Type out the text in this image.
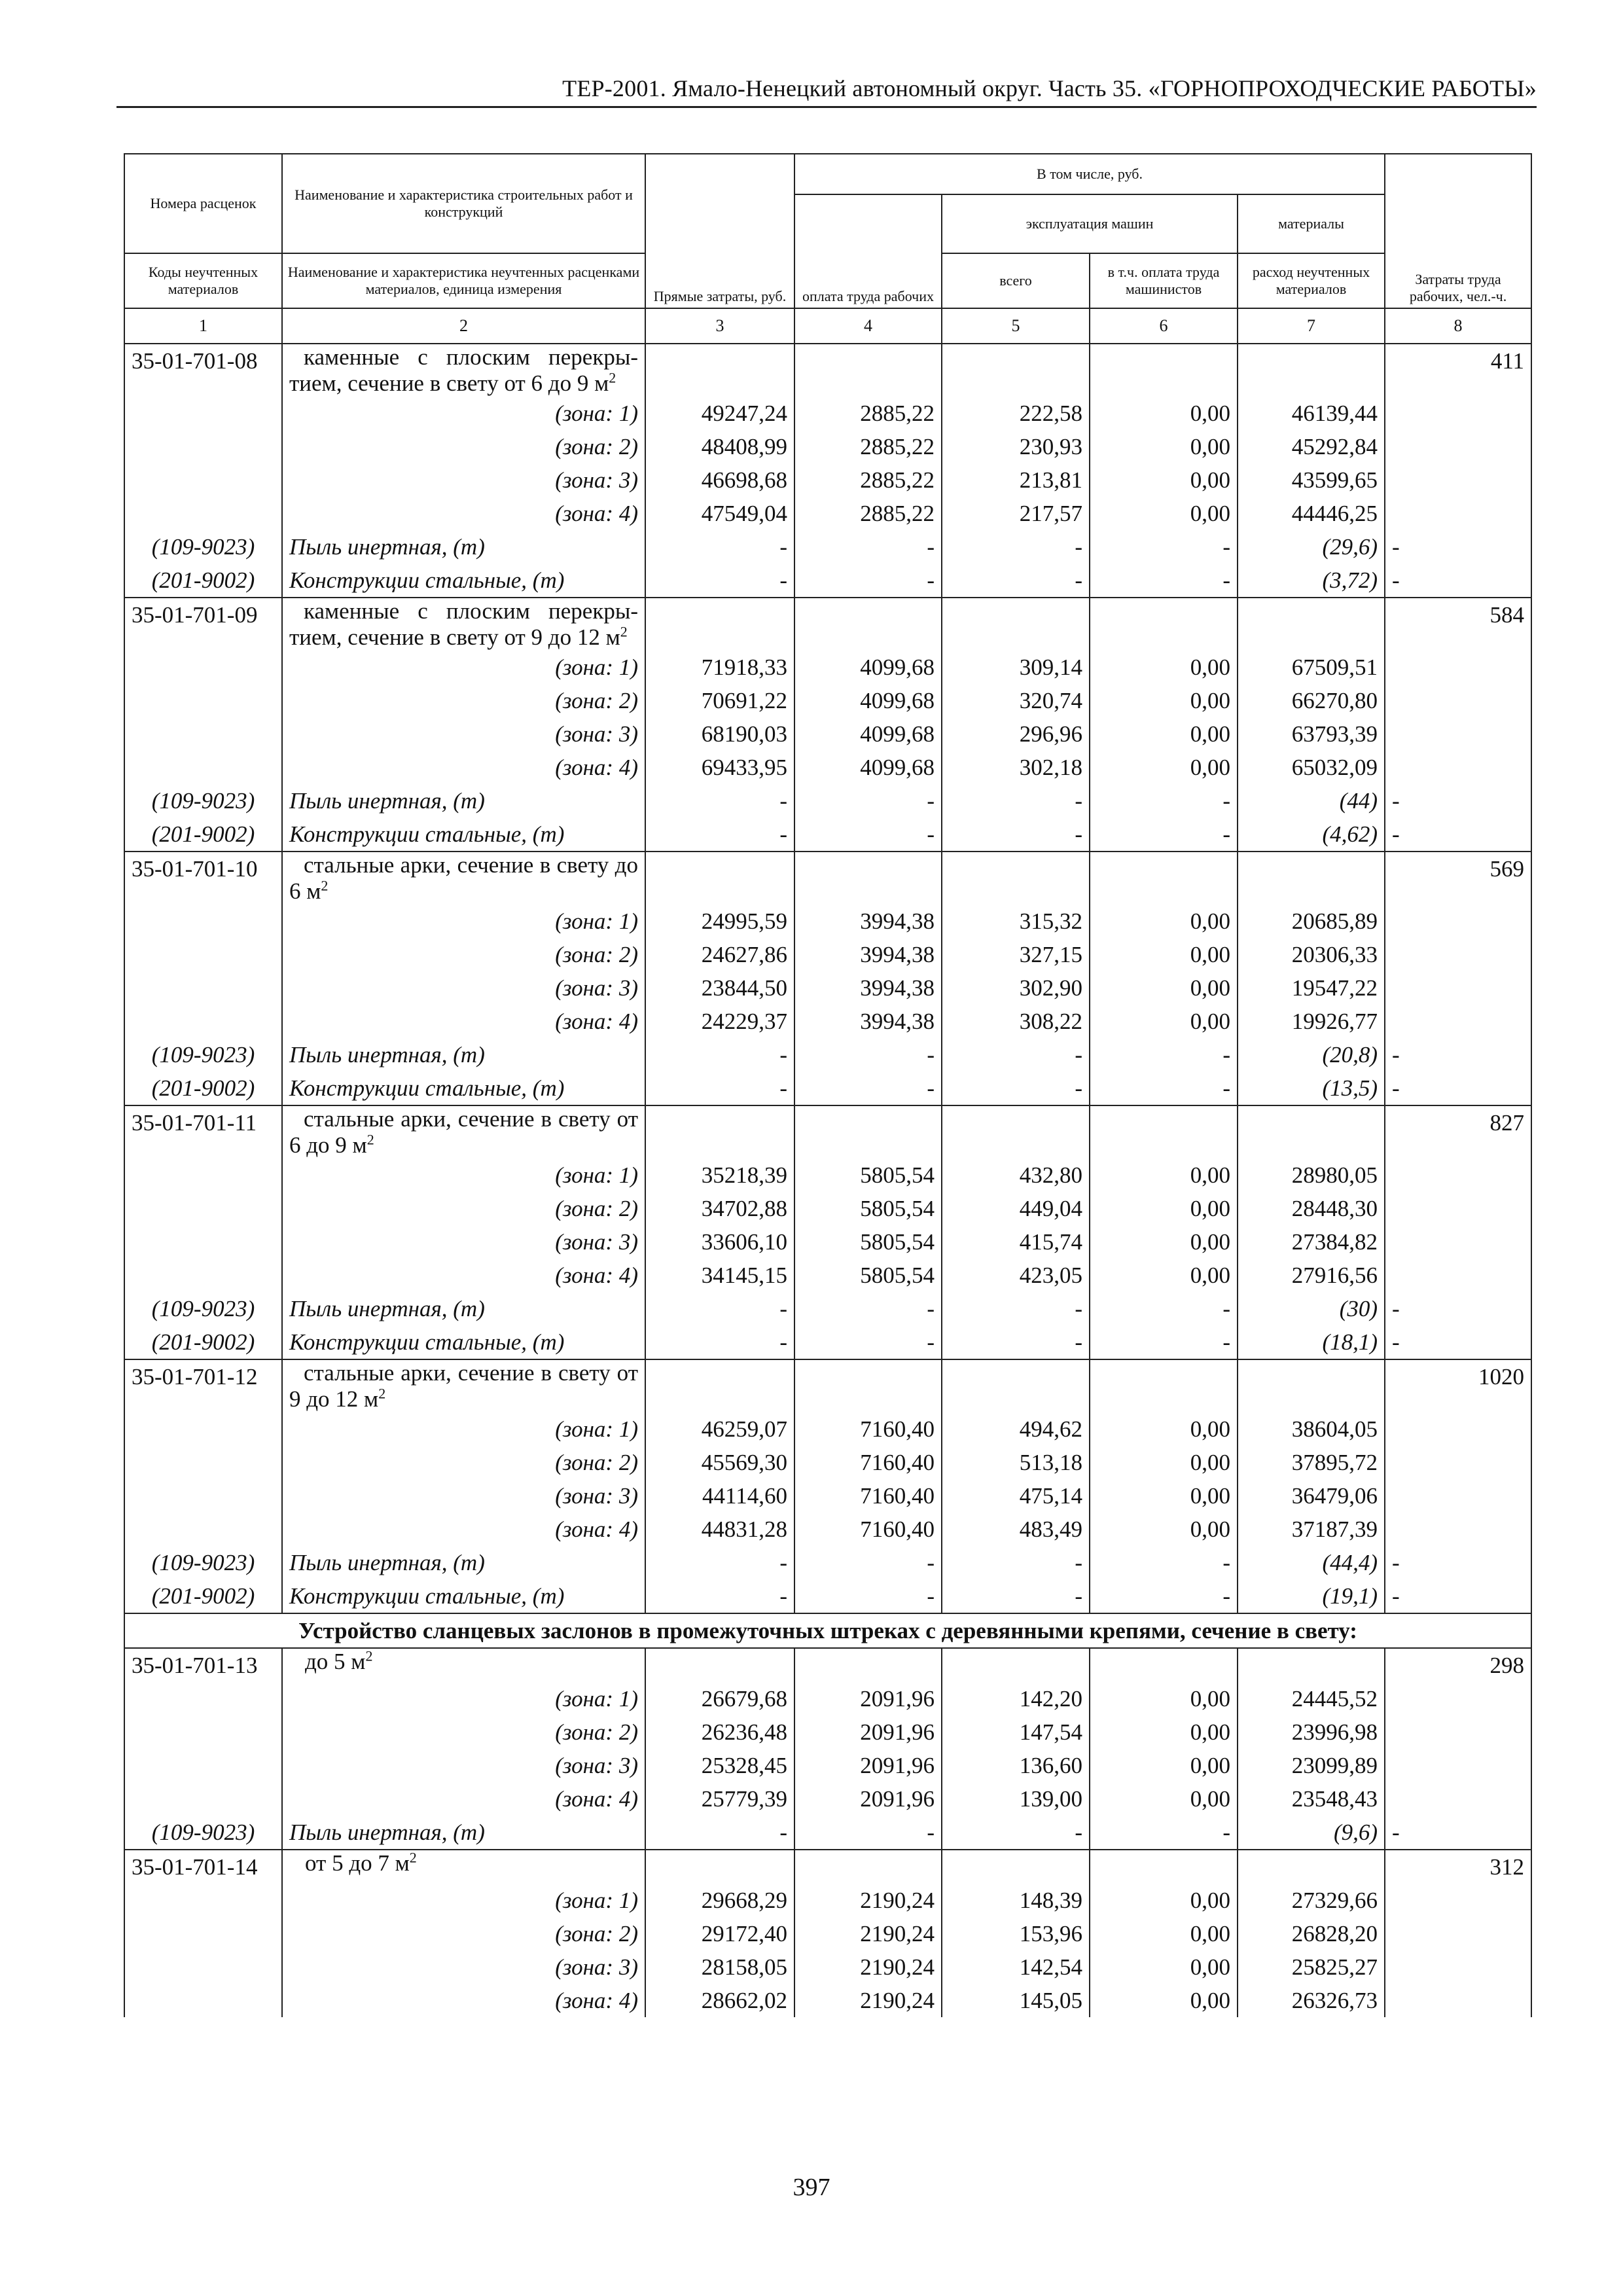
ТЕР-2001. Ямало-Ненецкий автономный округ. Часть 35. «ГОРНОПРОХОДЧЕСКИЕ РАБОТЫ»
Номера расценок	Наименование и характеристика строительных работ и конструкций	Прямые затраты, руб.	В том числе, руб.				Затраты труда рабочих, чел.-ч.
			оплата труда рабочих	эксплуатация машин		материалы	
Коды неучтенных материалов	Наименование и характеристика неучтенных расценками материалов, единица измерения			всего	в т.ч. оплата труда машинистов	расход неучтенных материалов	
1	2	3	4	5	6	7	8
35-01-701-08	каменные с плоским перекры-тием, сечение в свету от 6 до 9 $м^2$						411
	(зона: 1)	49247,24	2885,22	222,58	0,00	46139,44	
	(зона: 2)	48408,99	2885,22	230,93	0,00	45292,84	
	(зона: 3)	46698,68	2885,22	213,81	0,00	43599,65	
	(зона: 4)	47549,04	2885,22	217,57	0,00	44446,25	
(109-9023)	Пыль инертная, (т)	-	-	-	-	(29,6)	-
(201-9002)	Конструкции стальные, (т)	-	-	-	-	(3,72)	-
35-01-701-09	каменные с плоским перекры-тием, сечение в свету от 9 до 12 $м^2$						584
	(зона: 1)	71918,33	4099,68	309,14	0,00	67509,51	
	(зона: 2)	70691,22	4099,68	320,74	0,00	66270,80	
	(зона: 3)	68190,03	4099,68	296,96	0,00	63793,39	
	(зона: 4)	69433,95	4099,68	302,18	0,00	65032,09	
(109-9023)	Пыль инертная, (т)	-	-	-	-	(44)	-
(201-9002)	Конструкции стальные, (т)	-	-	-	-	(4,62)	-
35-01-701-10	стальные арки, сечение в свету до 6 $м^2$						569
	(зона: 1)	24995,59	3994,38	315,32	0,00	20685,89	
	(зона: 2)	24627,86	3994,38	327,15	0,00	20306,33	
	(зона: 3)	23844,50	3994,38	302,90	0,00	19547,22	
	(зона: 4)	24229,37	3994,38	308,22	0,00	19926,77	
(109-9023)	Пыль инертная, (т)	-	-	-	-	(20,8)	-
(201-9002)	Конструкции стальные, (т)	-	-	-	-	(13,5)	-
35-01-701-11	стальные арки, сечение в свету от 6 до 9 $м^2$						827
	(зона: 1)	35218,39	5805,54	432,80	0,00	28980,05	
	(зона: 2)	34702,88	5805,54	449,04	0,00	28448,30	
	(зона: 3)	33606,10	5805,54	415,74	0,00	27384,82	
	(зона: 4)	34145,15	5805,54	423,05	0,00	27916,56	
(109-9023)	Пыль инертная, (т)	-	-	-	-	(30)	-
(201-9002)	Конструкции стальные, (т)	-	-	-	-	(18,1)	-
35-01-701-12	стальные арки, сечение в свету от 9 до 12 $м^2$						1020
	(зона: 1)	46259,07	7160,40	494,62	0,00	38604,05	
	(зона: 2)	45569,30	7160,40	513,18	0,00	37895,72	
	(зона: 3)	44114,60	7160,40	475,14	0,00	36479,06	
	(зона: 4)	44831,28	7160,40	483,49	0,00	37187,39	
(109-9023)	Пыль инертная, (т)	-	-	-	-	(44,4)	-
(201-9002)	Конструкции стальные, (т)	-	-	-	-	(19,1)	-
Устройство сланцевых заслонов в промежуточных штреках с деревянными крепями, сечение в свету:							
35-01-701-13	до 5 $м^2$						298
	(зона: 1)	26679,68	2091,96	142,20	0,00	24445,52	
	(зона: 2)	26236,48	2091,96	147,54	0,00	23996,98	
	(зона: 3)	25328,45	2091,96	136,60	0,00	23099,89	
	(зона: 4)	25779,39	2091,96	139,00	0,00	23548,43	
(109-9023)	Пыль инертная, (т)	-	-	-	-	(9,6)	-
35-01-701-14	от 5 до 7 $м^2$						312
	(зона: 1)	29668,29	2190,24	148,39	0,00	27329,66	
	(зона: 2)	29172,40	2190,24	153,96	0,00	26828,20	
	(зона: 3)	28158,05	2190,24	142,54	0,00	25825,27	
	(зона: 4)	28662,02	2190,24	145,05	0,00	26326,73	
397
